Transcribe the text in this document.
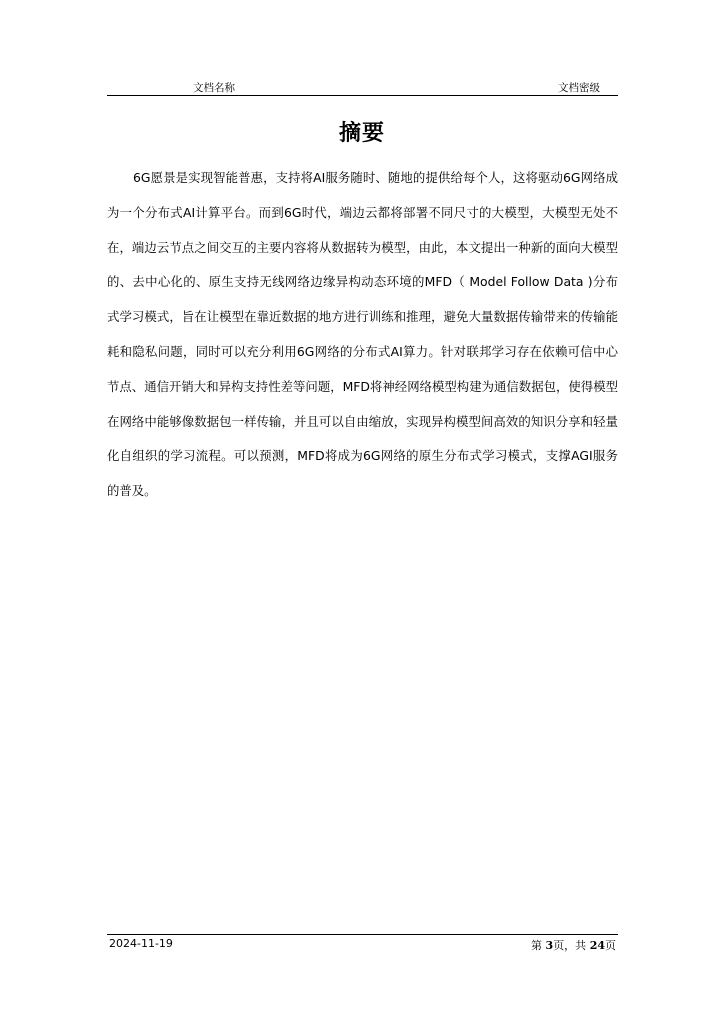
文档名称	文档密级
摘要
6G愿景是实现智能普惠，支持将AI服务随时、随地的提供给每个人，这将驱动6G网络成为一个分布式AI计算平台。而到6G时代，端边云都将部署不同尺寸的大模型，大模型无处不在，端边云节点之间交互的主要内容将从数据转为模型，由此，本文提出一种新的面向大模型的、去中心化的、原生支持无线网络边缘异构动态环境的MFD（ Model Follow Data )分布式学习模式，旨在让模型在靠近数据的地方进行训练和推理，避免大量数据传输带来的传输能耗和隐私问题，同时可以充分利用6G网络的分布式AI算力。针对联邦学习存在依赖可信中心节点、通信开销大和异构支持性差等问题，MFD将神经网络模型构建为通信数据包，使得模型在网络中能够像数据包一样传输，并且可以自由缩放，实现异构模型间高效的知识分享和轻量化自组织的学习流程。可以预测，MFD将成为6G网络的原生分布式学习模式，支撑AGI服务的普及。
2024-11-19	第 3页，共 24页
